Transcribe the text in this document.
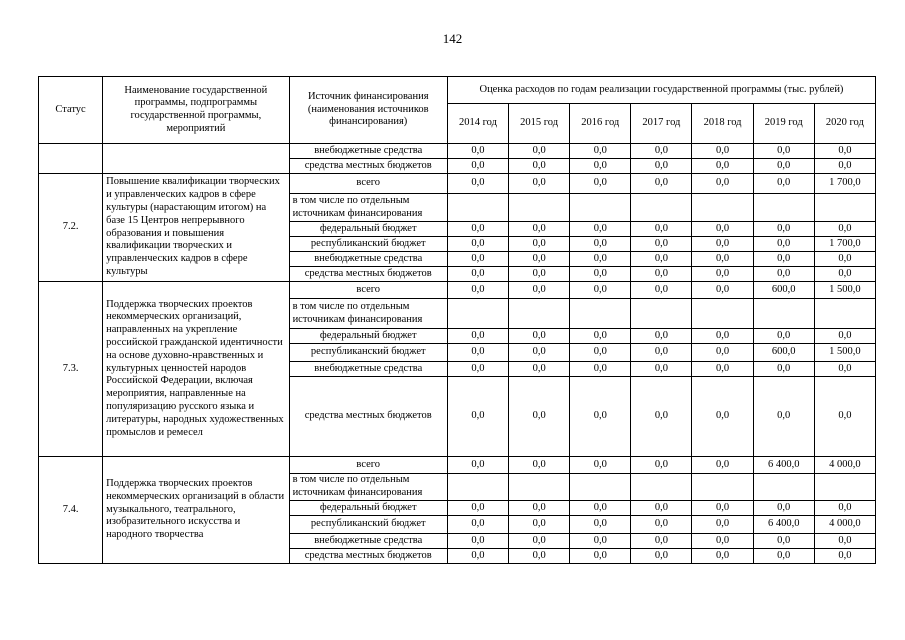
142
Статус	Наименование государственной программы, подпрограммы государственной программы, мероприятий	Источник финансирования (наименования источников финансирования)	Оценка расходов по годам реализации государственной программы (тыс. рублей)						
			2014 год	2015 год	2016 год	2017 год	2018 год	2019 год	2020 год
		внебюджетные средства	0,0	0,0	0,0	0,0	0,0	0,0	0,0
		средства местных бюджетов	0,0	0,0	0,0	0,0	0,0	0,0	0,0
7.2.	Повышение квалификации творческих и управленческих кадров в сфере культуры (нарастающим итогом) на базе 15 Центров непрерывного образования и повышения квалификации творческих и управленческих кадров в сфере культуры	всего	0,0	0,0	0,0	0,0	0,0	0,0	1 700,0
		в том числе по отдельным источникам финансирования							
		федеральный бюджет	0,0	0,0	0,0	0,0	0,0	0,0	0,0
		республиканский бюджет	0,0	0,0	0,0	0,0	0,0	0,0	1 700,0
		внебюджетные средства	0,0	0,0	0,0	0,0	0,0	0,0	0,0
		средства местных бюджетов	0,0	0,0	0,0	0,0	0,0	0,0	0,0
7.3.	Поддержка творческих проектов некоммерческих организаций, направленных на укрепление российской гражданской идентичности на основе духовно-нравственных и культурных ценностей народов Российской Федерации, включая мероприятия, направленные на популяризацию русского языка и литературы, народных художественных промыслов и ремесел	всего	0,0	0,0	0,0	0,0	0,0	600,0	1 500,0
		в том числе по отдельным источникам финансирования							
		федеральный бюджет	0,0	0,0	0,0	0,0	0,0	0,0	0,0
		республиканский бюджет	0,0	0,0	0,0	0,0	0,0	600,0	1 500,0
		внебюджетные средства	0,0	0,0	0,0	0,0	0,0	0,0	0,0
		средства местных бюджетов	0,0	0,0	0,0	0,0	0,0	0,0	0,0
7.4.	Поддержка творческих проектов некоммерческих организаций в области музыкального, театрального, изобразительного искусства и народного творчества	всего	0,0	0,0	0,0	0,0	0,0	6 400,0	4 000,0
		в том числе по отдельным источникам финансирования							
		федеральный бюджет	0,0	0,0	0,0	0,0	0,0	0,0	0,0
		республиканский бюджет	0,0	0,0	0,0	0,0	0,0	6 400,0	4 000,0
		внебюджетные средства	0,0	0,0	0,0	0,0	0,0	0,0	0,0
		средства местных бюджетов	0,0	0,0	0,0	0,0	0,0	0,0	0,0
